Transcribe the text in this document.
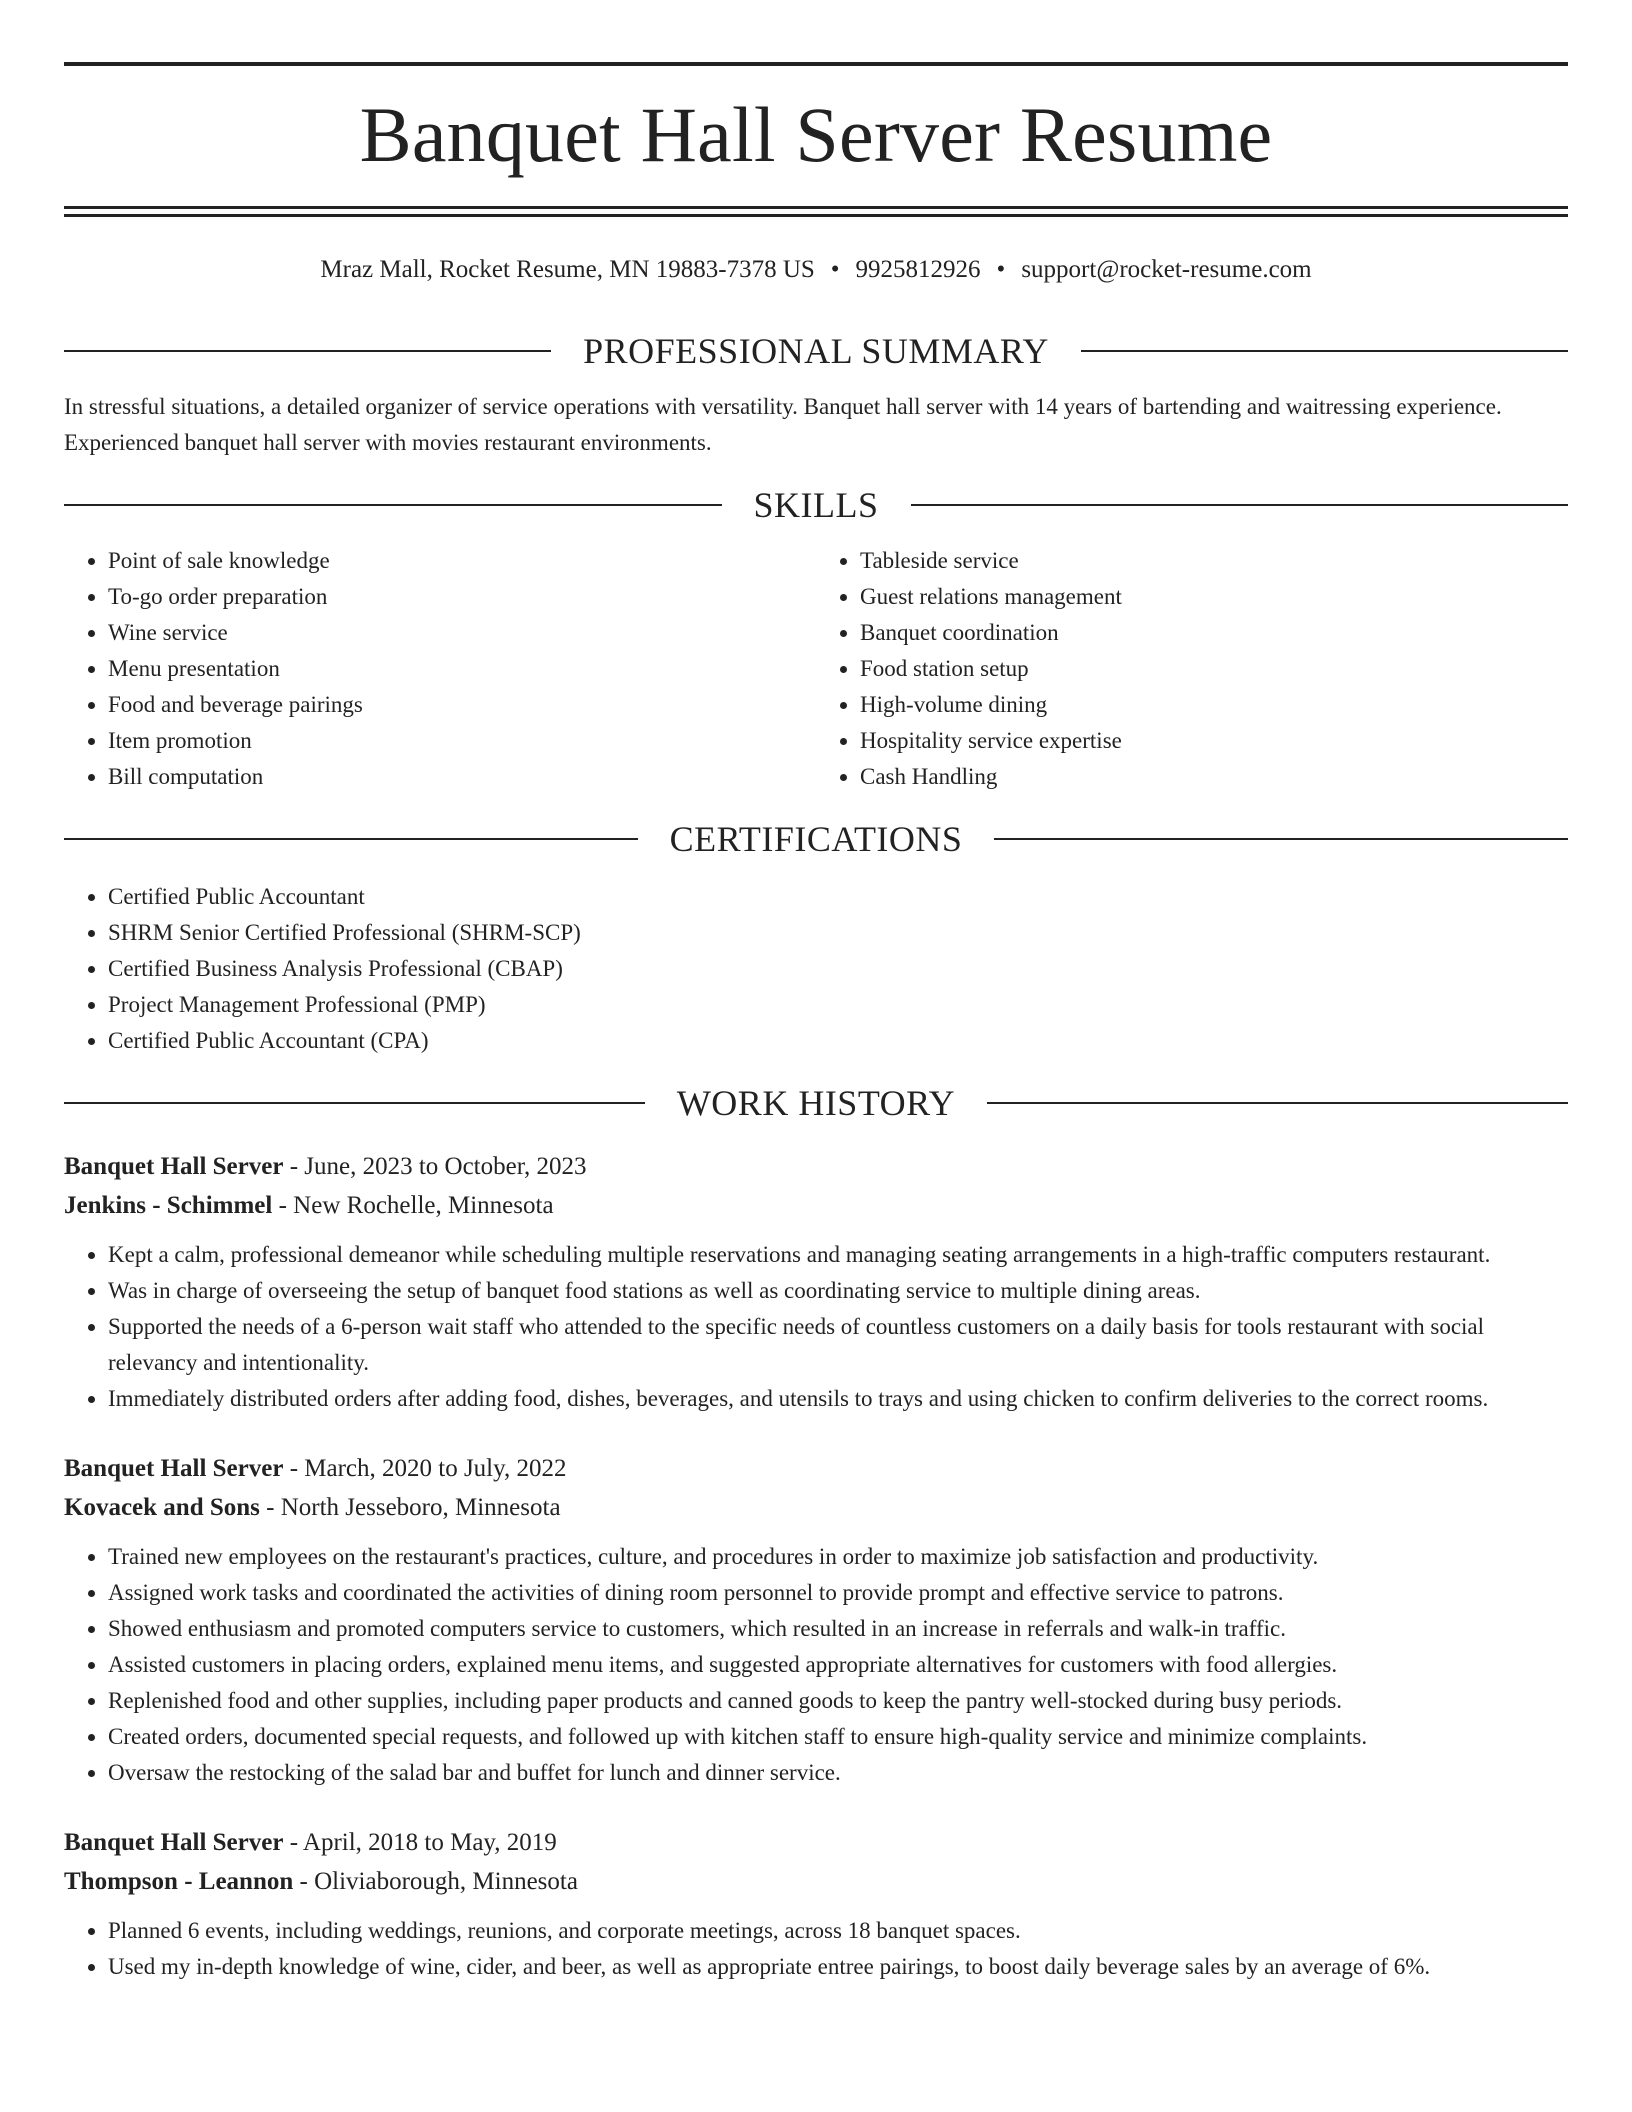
Banquet Hall Server Resume
Mraz Mall, Rocket Resume, MN 19883-7378 US • 9925812926 • support@rocket-resume.com
PROFESSIONAL SUMMARY

In stressful situations, a detailed organizer of service operations with versatility. Banquet hall server with 14 years of bartending and waitressing experience. Experienced banquet hall server with movies restaurant environments.

SKILLS
• Point of sale knowledge
• To-go order preparation
• Wine service
• Menu presentation
• Food and beverage pairings
• Item promotion
• Bill computation
• Tableside service
• Guest relations management
• Banquet coordination
• Food station setup
• High-volume dining
• Hospitality service expertise
• Cash Handling
CERTIFICATIONS
• Certified Public Accountant
• SHRM Senior Certified Professional (SHRM-SCP)
• Certified Business Analysis Professional (CBAP)
• Project Management Professional (PMP)
• Certified Public Accountant (CPA)
WORK HISTORY
Banquet Hall Server - June, 2023 to October, 2023
Jenkins - Schimmel - New Rochelle, Minnesota
• Kept a calm, professional demeanor while scheduling multiple reservations and managing seating arrangements in a high-traffic computers restaurant.
• Was in charge of overseeing the setup of banquet food stations as well as coordinating service to multiple dining areas.
• Supported the needs of a 6-person wait staff who attended to the specific needs of countless customers on a daily basis for tools restaurant with social relevancy and intentionality.
• Immediately distributed orders after adding food, dishes, beverages, and utensils to trays and using chicken to confirm deliveries to the correct rooms.
Banquet Hall Server - March, 2020 to July, 2022
Kovacek and Sons - North Jesseboro, Minnesota
• Trained new employees on the restaurant's practices, culture, and procedures in order to maximize job satisfaction and productivity.
• Assigned work tasks and coordinated the activities of dining room personnel to provide prompt and effective service to patrons.
• Showed enthusiasm and promoted computers service to customers, which resulted in an increase in referrals and walk-in traffic.
• Assisted customers in placing orders, explained menu items, and suggested appropriate alternatives for customers with food allergies.
• Replenished food and other supplies, including paper products and canned goods to keep the pantry well-stocked during busy periods.
• Created orders, documented special requests, and followed up with kitchen staff to ensure high-quality service and minimize complaints.
• Oversaw the restocking of the salad bar and buffet for lunch and dinner service.
Banquet Hall Server - April, 2018 to May, 2019
Thompson - Leannon - Oliviaborough, Minnesota
• Planned 6 events, including weddings, reunions, and corporate meetings, across 18 banquet spaces.
• Used my in-depth knowledge of wine, cider, and beer, as well as appropriate entree pairings, to boost daily beverage sales by an average of 6%.
